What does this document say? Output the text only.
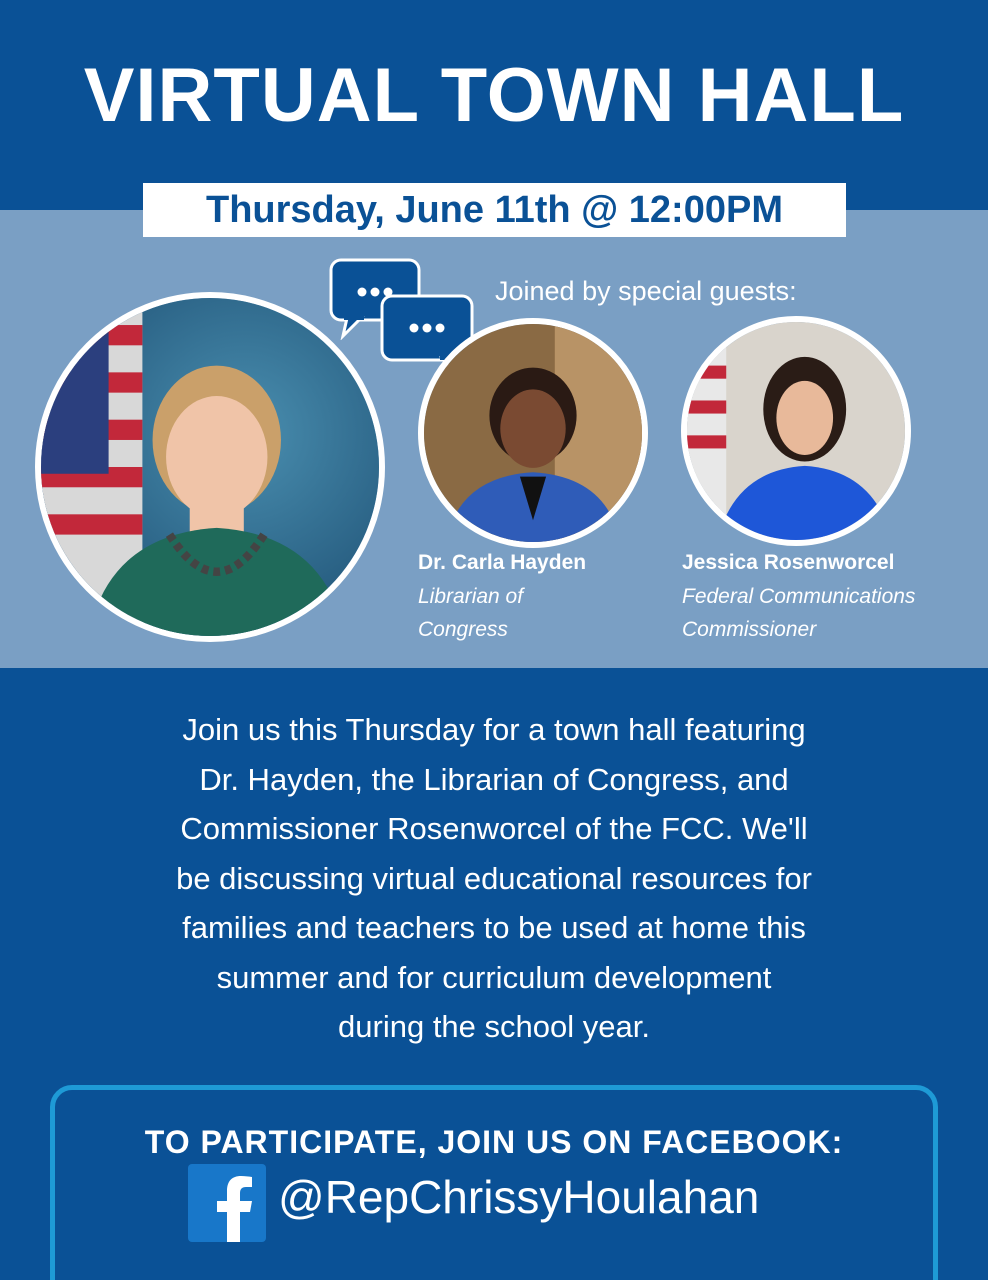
VIRTUAL TOWN HALL
Thursday, June 11th @ 12:00PM
Joined by special guests:
Dr. Carla Hayden
Librarian of
Congress
Jessica Rosenworcel
Federal Communications
Commissioner

Join us this Thursday for a town hall featuring
Dr. Hayden, the Librarian of Congress, and
Commissioner Rosenworcel of the FCC. We'll
be discussing virtual educational resources for
families and teachers to be used at home this
summer and for curriculum development
during the school year.

TO PARTICIPATE, JOIN US ON FACEBOOK:
@RepChrissyHoulahan
